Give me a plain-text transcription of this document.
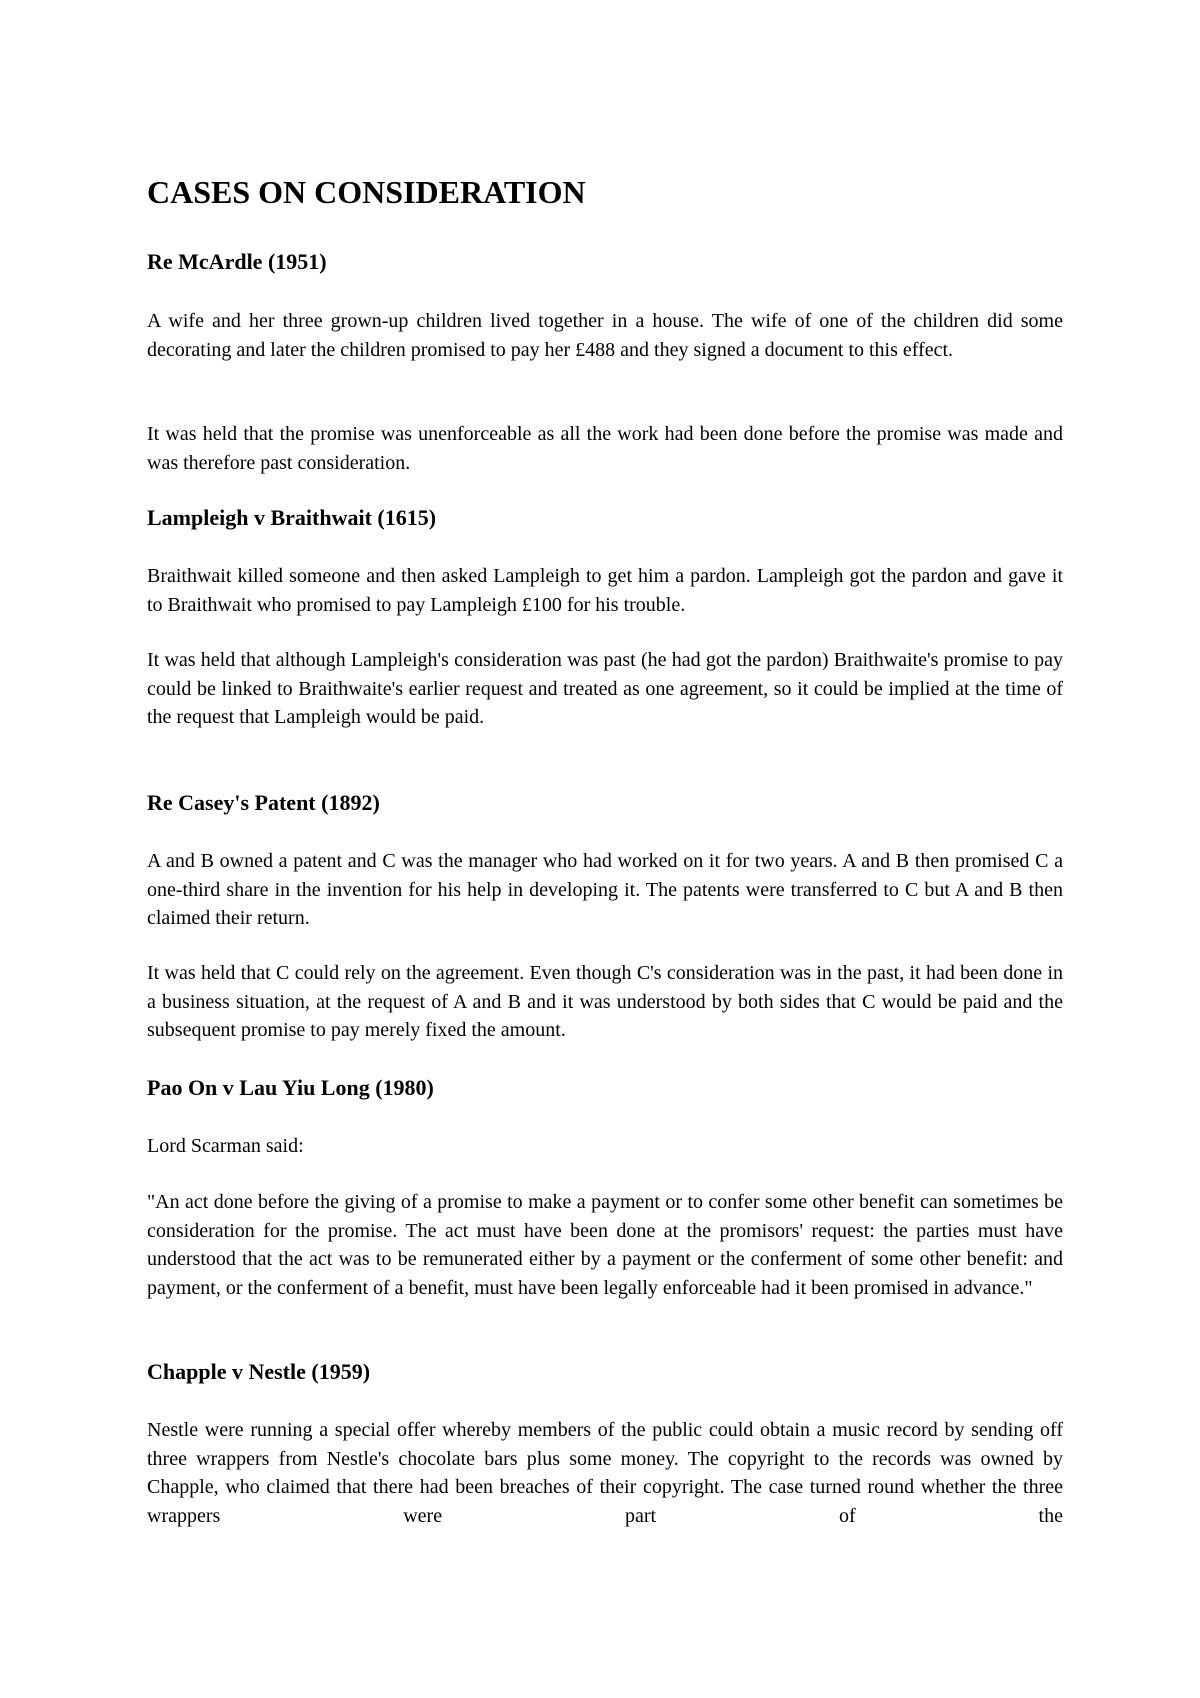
CASES ON CONSIDERATION
Re McArdle (1951)

A wife and her three grown-up children lived together in a house. The wife of one of the children did some decorating and later the children promised to pay her £488 and they signed a document to this effect.

It was held that the promise was unenforceable as all the work had been done before the promise was made and was therefore past consideration.

Lampleigh v Braithwait (1615)

Braithwait killed someone and then asked Lampleigh to get him a pardon. Lampleigh got the pardon and gave it to Braithwait who promised to pay Lampleigh £100 for his trouble.

It was held that although Lampleigh's consideration was past (he had got the pardon) Braithwaite's promise to pay could be linked to Braithwaite's earlier request and treated as one agreement, so it could be implied at the time of the request that Lampleigh would be paid.

Re Casey's Patent (1892)

A and B owned a patent and C was the manager who had worked on it for two years. A and B then promised C a one-third share in the invention for his help in developing it. The patents were transferred to C but A and B then claimed their return.

It was held that C could rely on the agreement. Even though C's consideration was in the past, it had been done in a business situation, at the request of A and B and it was understood by both sides that C would be paid and the subsequent promise to pay merely fixed the amount.

Pao On v Lau Yiu Long (1980)

Lord Scarman said:

"An act done before the giving of a promise to make a payment or to confer some other benefit can sometimes be consideration for the promise. The act must have been done at the promisors' request: the parties must have understood that the act was to be remunerated either by a payment or the conferment of some other benefit: and payment, or the conferment of a benefit, must have been legally enforceable had it been promised in advance."

Chapple v Nestle (1959)

Nestle were running a special offer whereby members of the public could obtain a music record by sending off three wrappers from Nestle's chocolate bars plus some money. The copyright to the records was owned by Chapple, who claimed that there had been breaches of their copyright. The case turned round whether the three wrappers were part of the
